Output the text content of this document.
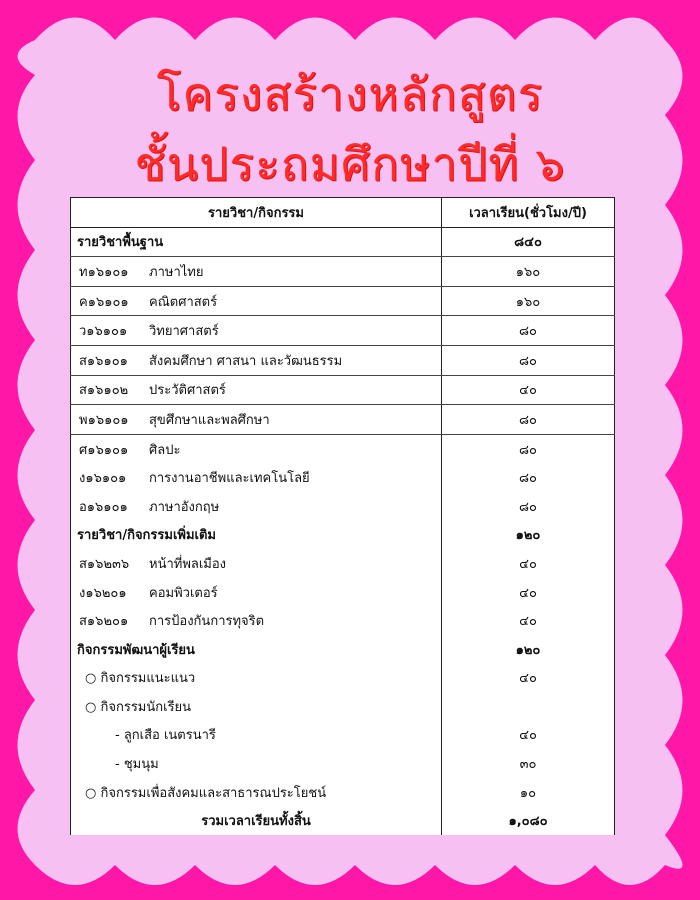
โครงสร้างหลักสูตร
ชั้นประถมศึกษาปีที่ ๖
รายวิชา/กิจกรรม	เวลาเรียน(ชั่วโมง/ปี)
รายวิชาพื้นฐาน	๘๔๐
ท๑๖๑๐๑ ภาษาไทย	๑๖๐
ค๑๖๑๐๑ คณิตศาสตร์	๑๖๐
ว๑๖๑๐๑ วิทยาศาสตร์	๘๐
ส๑๖๑๐๑ สังคมศึกษา ศาสนา และวัฒนธรรม	๘๐
ส๑๖๑๐๒ ประวัติศาสตร์	๔๐
พ๑๖๑๐๑ สุขศึกษาและพลศึกษา	๘๐
ศ๑๖๑๐๑ ศิลปะ	๘๐
ง๑๖๑๐๑ การงานอาชีพและเทคโนโลยี	๘๐
อ๑๖๑๐๑ ภาษาอังกฤษ	๘๐
รายวิชา/กิจกรรมเพิ่มเติม	๑๒๐
ส๑๖๒๓๖ หน้าที่พลเมือง	๔๐
ง๑๖๒๐๑ คอมพิวเตอร์	๔๐
ส๑๖๒๐๑ การป้องกันการทุจริต	๔๐
กิจกรรมพัฒนาผู้เรียน	๑๒๐
○ กิจกรรมแนะแนว	๔๐
○ กิจกรรมนักเรียน	
- ลูกเสือ เนตรนารี	๔๐
- ชุมนุม	๓๐
○ กิจกรรมเพื่อสังคมและสาธารณประโยชน์	๑๐
รวมเวลาเรียนทั้งสิ้น	๑,๐๘๐
